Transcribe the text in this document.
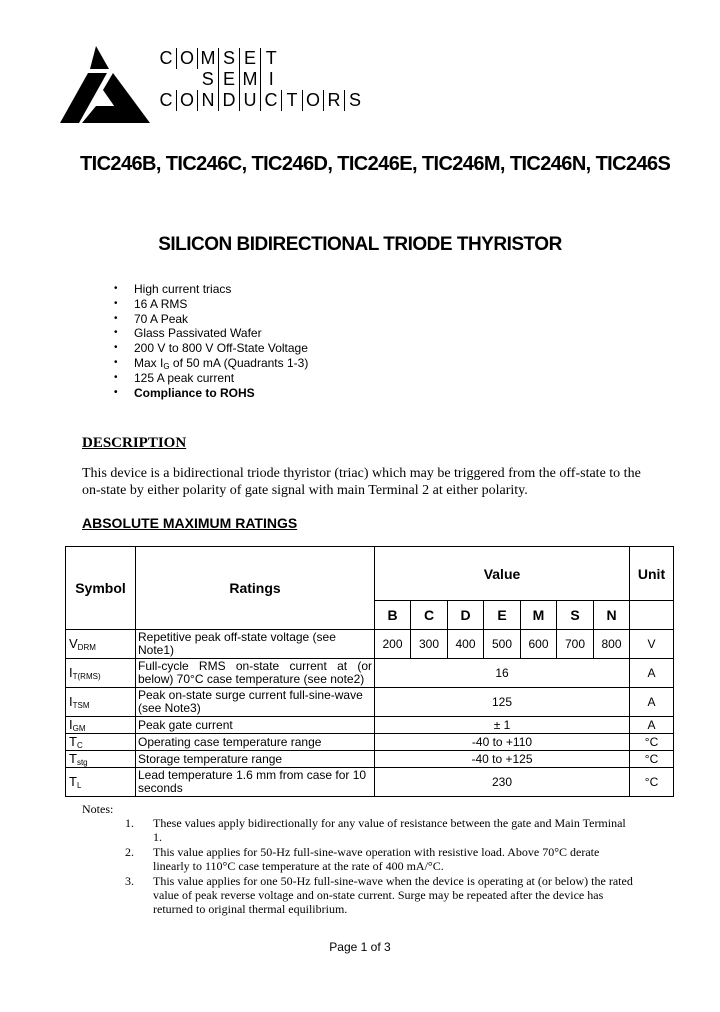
C	O	M	S	E	T				
		S	E	M	I				
C	O	N	D	U	C	T	O	R	S
TIC246B, TIC246C, TIC246D, TIC246E, TIC246M, TIC246N, TIC246S
SILICON BIDIRECTIONAL TRIODE THYRISTOR
• High current triacs
• 16 A RMS
• 70 A Peak
• Glass Passivated Wafer
• 200 V to 800 V Off-State Voltage
• Max $I_G$ of 50 mA (Quadrants 1-3)
• 125 A peak current
• Compliance to ROHS
DESCRIPTION
This device is a bidirectional triode thyristor (triac) which may be triggered from the off-state to the on-state by either polarity of gate signal with main Terminal 2 at either polarity.
ABSOLUTE MAXIMUM RATINGS
Symbol	Ratings	Value							Unit
		B	C	D	E	M	S	N	
$V_{DRM}$	Repetitive peak off-state voltage (see Note1)	200	300	400	500	600	700	800	V
$I_{T(RMS)}$	Full-cycle RMS on-state current at (or below) 70°C case temperature (see note2)	16							A
$I_{TSM}$	Peak on-state surge current full-sine-wave (see Note3)	125							A
$I_{GM}$	Peak gate current	± 1							A
$T_C$	Operating case temperature range	-40 to +110							°C
$T_{stg}$	Storage temperature range	-40 to +125							°C
$T_L$	Lead temperature 1.6 mm from case for 10 seconds	230							°C
Notes:
1. These values apply bidirectionally for any value of resistance between the gate and Main Terminal 1.
2. This value applies for 50-Hz full-sine-wave operation with resistive load. Above 70°C derate linearly to 110°C case temperature at the rate of 400 mA/°C.
3. This value applies for one 50-Hz full-sine-wave when the device is operating at (or below) the rated value of peak reverse voltage and on-state current. Surge may be repeated after the device has returned to original thermal equilibrium.
Page 1 of 3
